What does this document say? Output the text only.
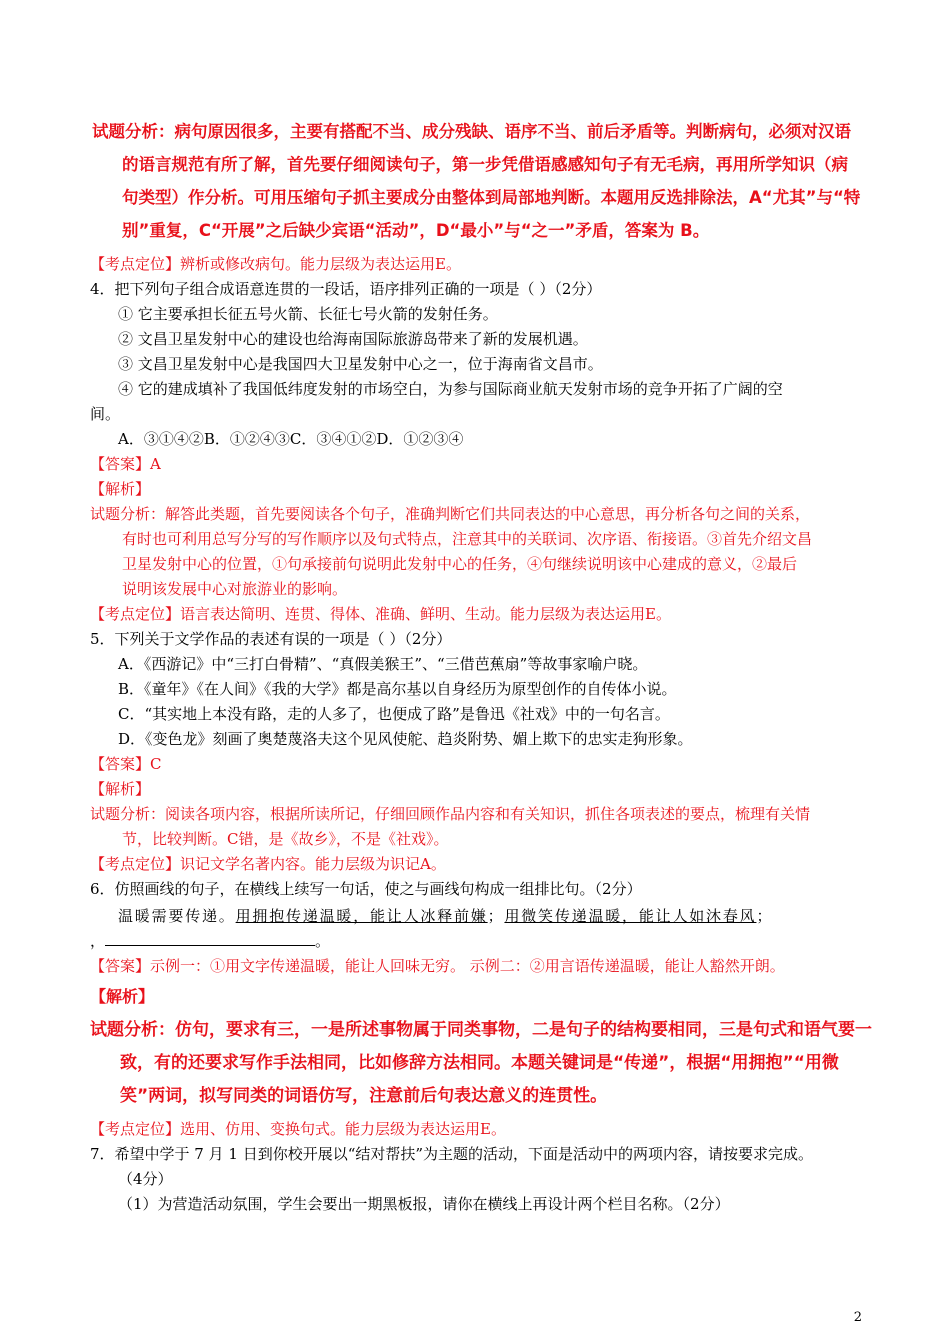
试题分析：病句原因很多，主要有搭配不当、成分残缺、语序不当、前后矛盾等。判断病句，必须对汉语
的语言规范有所了解，首先要仔细阅读句子，第一步凭借语感感知句子有无毛病，再用所学知识（病
句类型）作分析。可用压缩句子抓主要成分由整体到局部地判断。本题用反选排除法，A“尤其”与“特
别”重复，C“开展”之后缺少宾语“活动”，D“最小”与“之一”矛盾，答案为 B。
【考点定位】辨析或修改病句。能力层级为表达运用E。
4．把下列句子组合成语意连贯的一段话，语序排列正确的一项是（ ）（2分）
① 它主要承担长征五号火箭、长征七号火箭的发射任务。
② 文昌卫星发射中心的建设也给海南国际旅游岛带来了新的发展机遇。
③ 文昌卫星发射中心是我国四大卫星发射中心之一，位于海南省文昌市。
④ 它的建成填补了我国低纬度发射的市场空白，为参与国际商业航天发射市场的竞争开拓了广阔的空
间。
A．③①④②B．①②④③C．③④①②D．①②③④
【答案】A
【解析】
试题分析：解答此类题，首先要阅读各个句子，准确判断它们共同表达的中心意思，再分析各句之间的关系，
有时也可利用总写分写的写作顺序以及句式特点，注意其中的关联词、次序语、衔接语。③首先介绍文昌
卫星发射中心的位置，①句承接前句说明此发射中心的任务，④句继续说明该中心建成的意义，②最后
说明该发展中心对旅游业的影响。
【考点定位】语言表达简明、连贯、得体、准确、鲜明、生动。能力层级为表达运用E。
5．下列关于文学作品的表述有误的一项是（ ）（2分）
A．《西游记》中“三打白骨精”、“真假美猴王”、“三借芭蕉扇”等故事家喻户晓。
B．《童年》《在人间》《我的大学》都是高尔基以自身经历为原型创作的自传体小说。
C．“其实地上本没有路，走的人多了，也便成了路”是鲁迅《社戏》中的一句名言。
D．《变色龙》刻画了奥楚蔑洛夫这个见风使舵、趋炎附势、媚上欺下的忠实走狗形象。
【答案】C
【解析】
试题分析：阅读各项内容，根据所读所记，仔细回顾作品内容和有关知识，抓住各项表述的要点，梳理有关情
节，比较判断。C错，是《故乡》，不是《社戏》。
【考点定位】识记文学名著内容。能力层级为识记A。
6．仿照画线的句子，在横线上续写一句话，使之与画线句构成一组排比句。（2分）
温暖需要传递。用拥抱传递温暖，能让人冰释前嫌；用微笑传递温暖，能让人如沐春风；
，	。
【答案】示例一：①用文字传递温暖，能让人回味无穷。 示例二：②用言语传递温暖，能让人豁然开朗。
【解析】
试题分析：仿句，要求有三，一是所述事物属于同类事物，二是句子的结构要相同，三是句式和语气要一
致，有的还要求写作手法相同，比如修辞方法相同。本题关键词是“传递”，根据“用拥抱”“用微
笑”两词，拟写同类的词语仿写，注意前后句表达意义的连贯性。
【考点定位】选用、仿用、变换句式。能力层级为表达运用E。
7．希望中学于 7 月 1 日到你校开展以“结对帮扶”为主题的活动，下面是活动中的两项内容，请按要求完成。
（4分）
（1）为营造活动氛围，学生会要出一期黑板报，请你在横线上再设计两个栏目名称。（2分）
2
